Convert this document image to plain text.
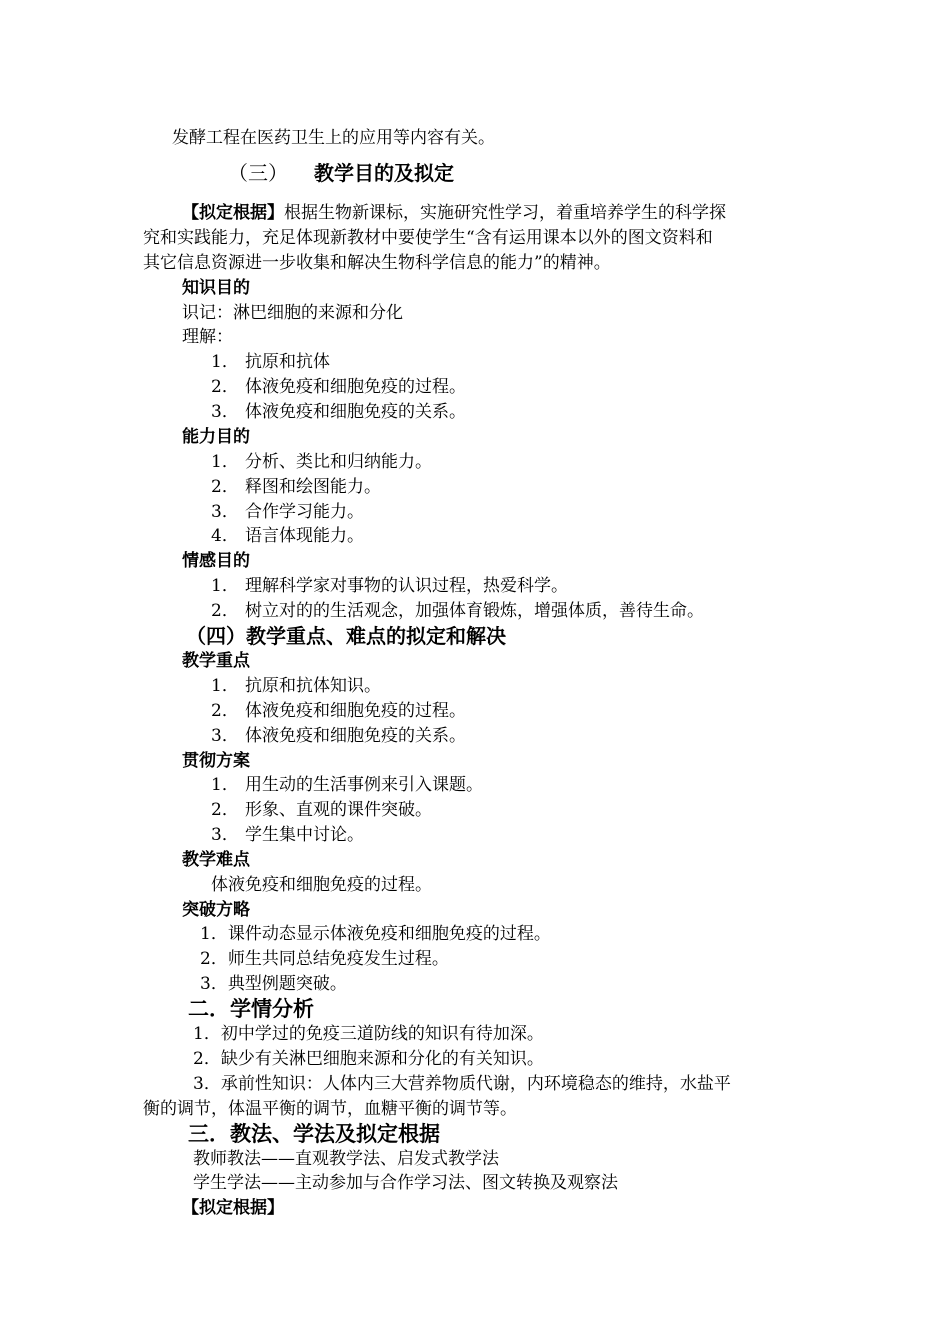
发酵工程在医药卫生上的应用等内容有关。
（三） 教学目的及拟定
【拟定根据】根据生物新课标，实施研究性学习，着重培养学生的科学探
究和实践能力，充足体现新教材中要使学生“含有运用课本以外的图文资料和
其它信息资源进一步收集和解决生物科学信息的能力”的精神。
知识目的
识记：淋巴细胞的来源和分化
理解：
1． 抗原和抗体
2． 体液免疫和细胞免疫的过程。
3． 体液免疫和细胞免疫的关系。
能力目的
1． 分析、类比和归纳能力。
2． 释图和绘图能力。
3． 合作学习能力。
4． 语言体现能力。
情感目的
1． 理解科学家对事物的认识过程，热爱科学。
2． 树立对的的生活观念，加强体育锻炼，增强体质，善待生命。
（四）教学重点、难点的拟定和解决
教学重点
1． 抗原和抗体知识。
2． 体液免疫和细胞免疫的过程。
3． 体液免疫和细胞免疫的关系。
贯彻方案
1． 用生动的生活事例来引入课题。
2． 形象、直观的课件突破。
3． 学生集中讨论。
教学难点
体液免疫和细胞免疫的过程。
突破方略
1．课件动态显示体液免疫和细胞免疫的过程。
2．师生共同总结免疫发生过程。
3．典型例题突破。
二．学情分析
1．初中学过的免疫三道防线的知识有待加深。
2．缺少有关淋巴细胞来源和分化的有关知识。
3．承前性知识：人体内三大营养物质代谢，内环境稳态的维持，水盐平
衡的调节，体温平衡的调节，血糖平衡的调节等。
三．教法、学法及拟定根据
教师教法——直观教学法、启发式教学法
学生学法——主动参加与合作学习法、图文转换及观察法
【拟定根据】
